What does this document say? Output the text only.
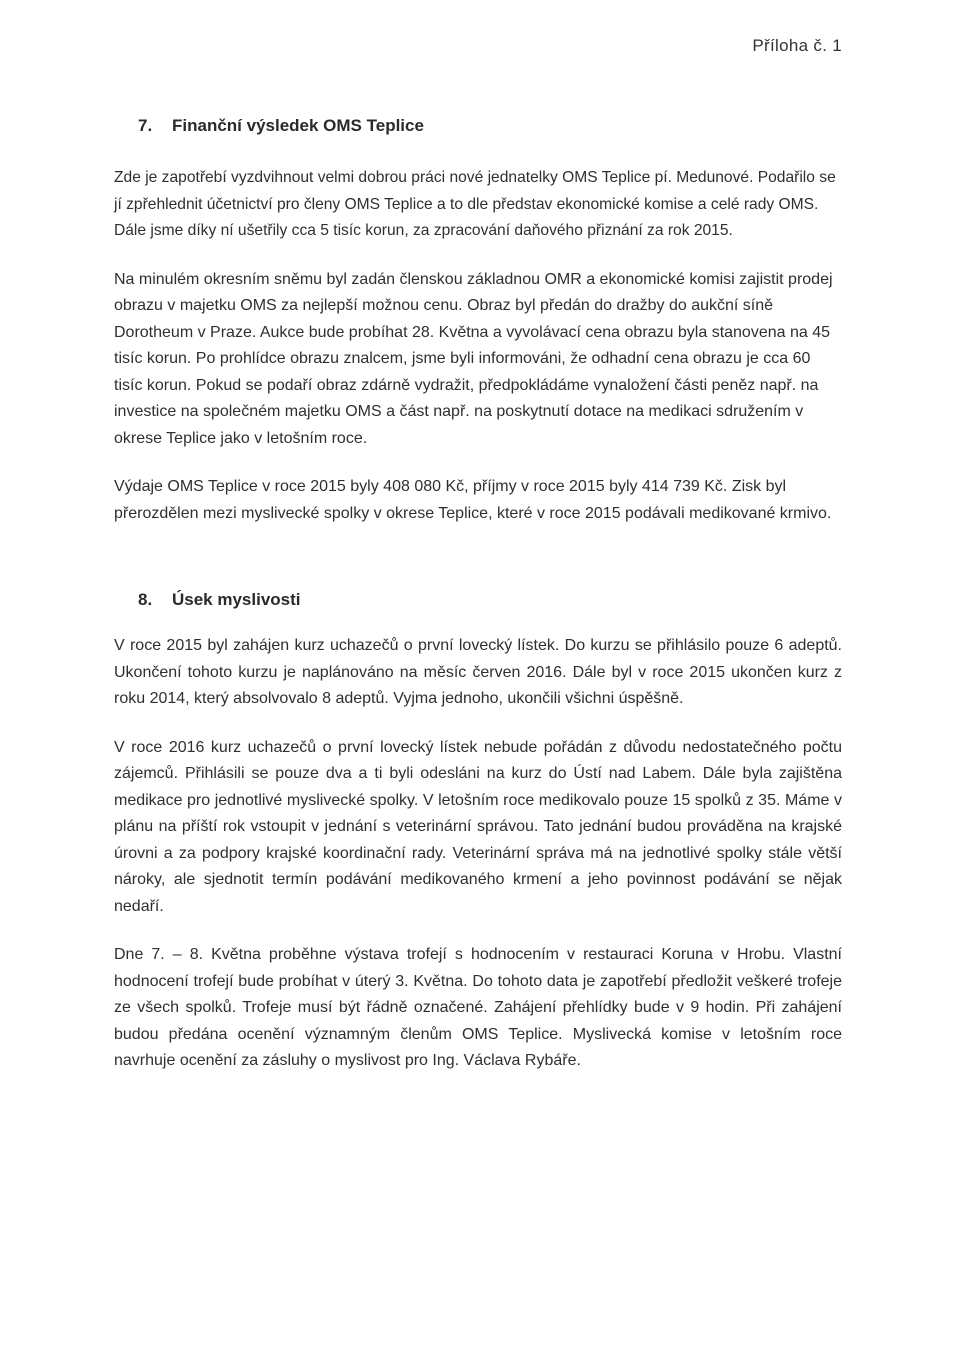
Příloha č. 1
7. Finanční výsledek OMS Teplice

Zde je zapotřebí vyzdvihnout velmi dobrou práci nové jednatelky OMS Teplice pí. Medunové. Podařilo se jí zpřehlednit účetnictví pro členy OMS Teplice a to dle představ ekonomické komise a celé rady OMS. Dále jsme díky ní ušetřily cca 5 tisíc korun, za zpracování daňového přiznání za rok 2015.

Na minulém okresním sněmu byl zadán členskou základnou OMR a ekonomické komisi zajistit prodej obrazu v majetku OMS za nejlepší možnou cenu. Obraz byl předán do dražby do aukční síně Dorotheum v Praze. Aukce bude probíhat 28. Května a vyvolávací cena obrazu byla stanovena na 45 tisíc korun. Po prohlídce obrazu znalcem, jsme byli informováni, že odhadní cena obrazu je cca 60 tisíc korun. Pokud se podaří obraz zdárně vydražit, předpokládáme vynaložení části peněz např. na investice na společném majetku OMS a část např. na poskytnutí dotace na medikaci sdružením v okrese Teplice jako v letošním roce.

Výdaje OMS Teplice v roce 2015 byly 408 080 Kč, příjmy v roce 2015 byly 414 739 Kč. Zisk byl přerozdělen mezi myslivecké spolky v okrese Teplice, které v roce 2015 podávali medikované krmivo.

8. Úsek myslivosti

V roce 2015 byl zahájen kurz uchazečů o první lovecký lístek. Do kurzu se přihlásilo pouze 6 adeptů. Ukončení tohoto kurzu je naplánováno na měsíc červen 2016. Dále byl v roce 2015 ukončen kurz z roku 2014, který absolvovalo 8 adeptů. Vyjma jednoho, ukončili všichni úspěšně.

V roce 2016 kurz uchazečů o první lovecký lístek nebude pořádán z důvodu nedostatečného počtu zájemců. Přihlásili se pouze dva a ti byli odesláni na kurz do Ústí nad Labem. Dále byla zajištěna medikace pro jednotlivé myslivecké spolky. V letošním roce medikovalo pouze 15 spolků z 35. Máme v plánu na příští rok vstoupit v jednání s veterinární správou. Tato jednání budou prováděna na krajské úrovni a za podpory krajské koordinační rady. Veterinární správa má na jednotlivé spolky stále větší nároky, ale sjednotit termín podávání medikovaného krmení a jeho povinnost podávání se nějak nedaří.

Dne 7. – 8. Května proběhne výstava trofejí s hodnocením v restauraci Koruna v Hrobu. Vlastní hodnocení trofejí bude probíhat v úterý 3. Května. Do tohoto data je zapotřebí předložit veškeré trofeje ze všech spolků. Trofeje musí být řádně označené. Zahájení přehlídky bude v 9 hodin. Při zahájení budou předána ocenění významným členům OMS Teplice. Myslivecká komise v letošním roce navrhuje ocenění za zásluhy o myslivost pro Ing. Václava Rybáře.
